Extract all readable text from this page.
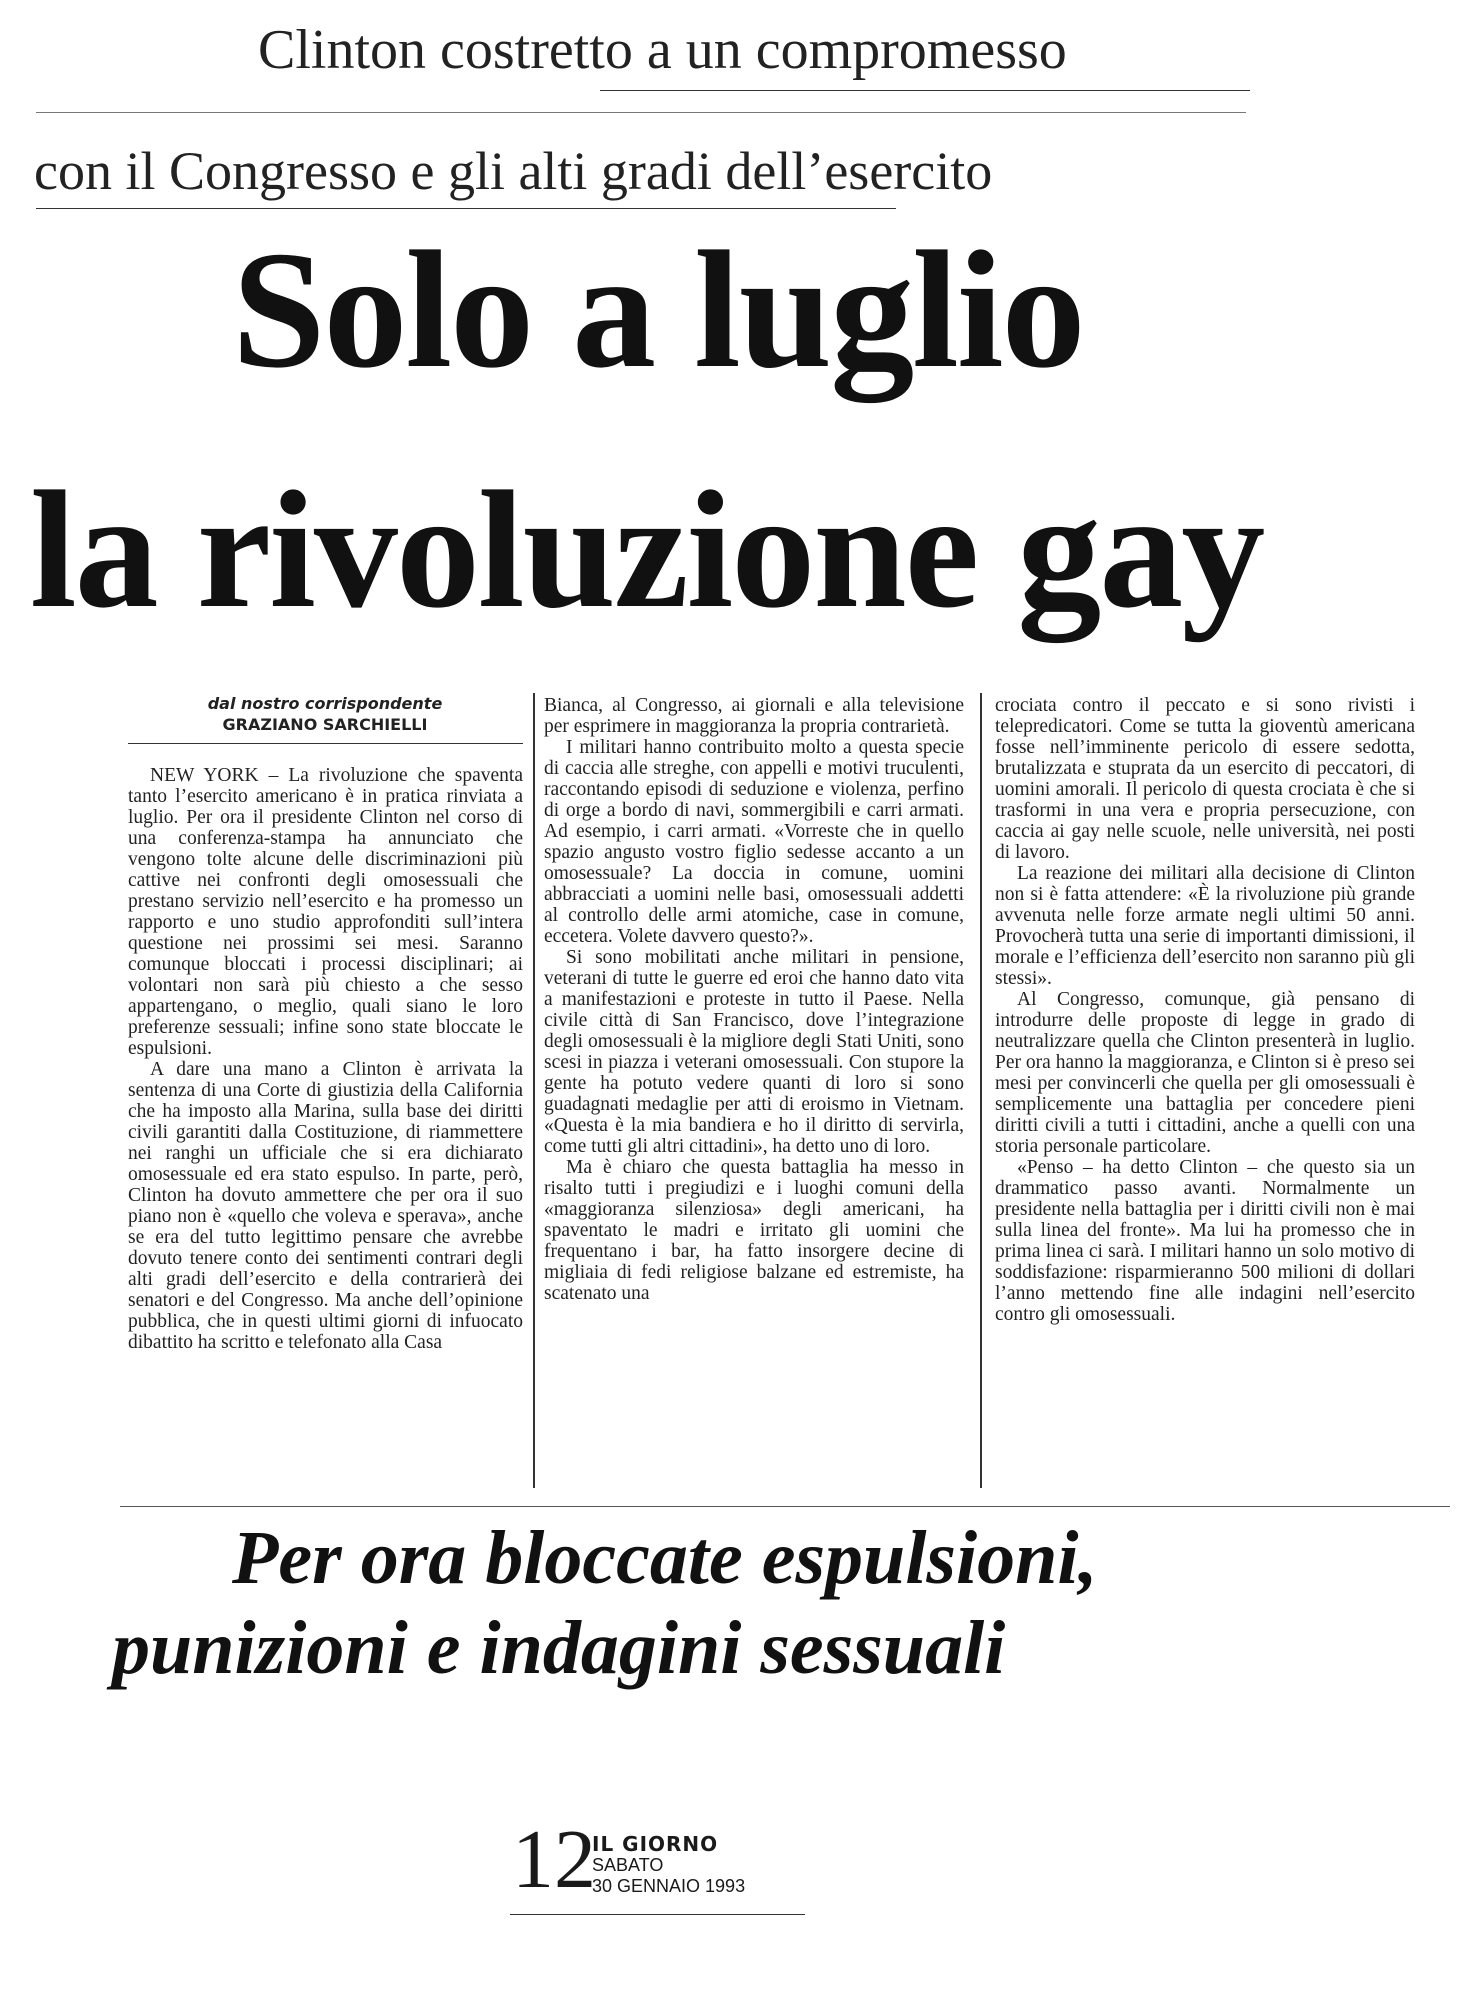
Clinton costretto a un compromesso
con il Congresso e gli alti gradi dell’esercito
Solo a luglio
la rivoluzione gay
dal nostro corrispondente
GRAZIANO SARCHIELLI

NEW YORK – La rivoluzione che spaventa tanto l’esercito americano è in pratica rinviata a luglio. Per ora il presidente Clinton nel corso di una conferenza-stampa ha annunciato che vengono tolte alcune delle discriminazioni più cattive nei confronti degli omosessuali che prestano servizio nell’esercito e ha promesso un rapporto e uno studio approfonditi sull’intera questione nei prossimi sei mesi. Saranno comunque bloccati i processi disciplinari; ai volontari non sarà più chiesto a che sesso appartengano, o meglio, quali siano le loro preferenze sessuali; infine sono state bloccate le espulsioni.

A dare una mano a Clinton è arrivata la sentenza di una Corte di giustizia della California che ha imposto alla Marina, sulla base dei diritti civili garantiti dalla Costituzione, di riammettere nei ranghi un ufficiale che si era dichiarato omosessuale ed era stato espulso. In parte, però, Clinton ha dovuto ammettere che per ora il suo piano non è «quello che voleva e sperava», anche se era del tutto legittimo pensare che avrebbe dovuto tenere conto dei sentimenti contrari degli alti gradi dell’esercito e della contrarierà dei senatori e del Congresso. Ma anche dell’opinione pubblica, che in questi ultimi giorni di infuocato dibattito ha scritto e telefonato alla Casa

Bianca, al Congresso, ai giornali e alla televisione per esprimere in maggioranza la propria contrarietà.

I militari hanno contribuito molto a questa specie di caccia alle streghe, con appelli e motivi truculenti, raccontando episodi di seduzione e violenza, perfino di orge a bordo di navi, sommergibili e carri armati. Ad esempio, i carri armati. «Vorreste che in quello spazio angusto vostro figlio sedesse accanto a un omosessuale? La doccia in comune, uomini abbracciati a uomini nelle basi, omosessuali addetti al controllo delle armi atomiche, case in comune, eccetera. Volete davvero questo?».

Si sono mobilitati anche militari in pensione, veterani di tutte le guerre ed eroi che hanno dato vita a manifestazioni e proteste in tutto il Paese. Nella civile città di San Francisco, dove l’integrazione degli omosessuali è la migliore degli Stati Uniti, sono scesi in piazza i veterani omosessuali. Con stupore la gente ha potuto vedere quanti di loro si sono guadagnati medaglie per atti di eroismo in Vietnam. «Questa è la mia bandiera e ho il diritto di servirla, come tutti gli altri cittadini», ha detto uno di loro.

Ma è chiaro che questa battaglia ha messo in risalto tutti i pregiudizi e i luoghi comuni della «maggioranza silenziosa» degli americani, ha spaventato le madri e irritato gli uomini che frequentano i bar, ha fatto insorgere decine di migliaia di fedi religiose balzane ed estremiste, ha scatenato una

crociata contro il peccato e si sono rivisti i telepredicatori. Come se tutta la gioventù americana fosse nell’imminente pericolo di essere sedotta, brutalizzata e stuprata da un esercito di peccatori, di uomini amorali. Il pericolo di questa crociata è che si trasformi in una vera e propria persecuzione, con caccia ai gay nelle scuole, nelle università, nei posti di lavoro.

La reazione dei militari alla decisione di Clinton non si è fatta attendere: «È la rivoluzione più grande avvenuta nelle forze armate negli ultimi 50 anni. Provocherà tutta una serie di importanti dimissioni, il morale e l’efficienza dell’esercito non saranno più gli stessi».

Al Congresso, comunque, già pensano di introdurre delle proposte di legge in grado di neutralizzare quella che Clinton presenterà in luglio. Per ora hanno la maggioranza, e Clinton si è preso sei mesi per convincerli che quella per gli omosessuali è semplicemente una battaglia per concedere pieni diritti civili a tutti i cittadini, anche a quelli con una storia personale particolare.

«Penso – ha detto Clinton – che questo sia un drammatico passo avanti. Normalmente un presidente nella battaglia per i diritti civili non è mai sulla linea del fronte». Ma lui ha promesso che in prima linea ci sarà. I militari hanno un solo motivo di soddisfazione: risparmieranno 500 milioni di dollari l’anno mettendo fine alle indagini nell’esercito contro gli omosessuali.

Per ora bloccate espulsioni,
punizioni e indagini sessuali
12
IL GIORNO
SABATO
30 GENNAIO 1993
